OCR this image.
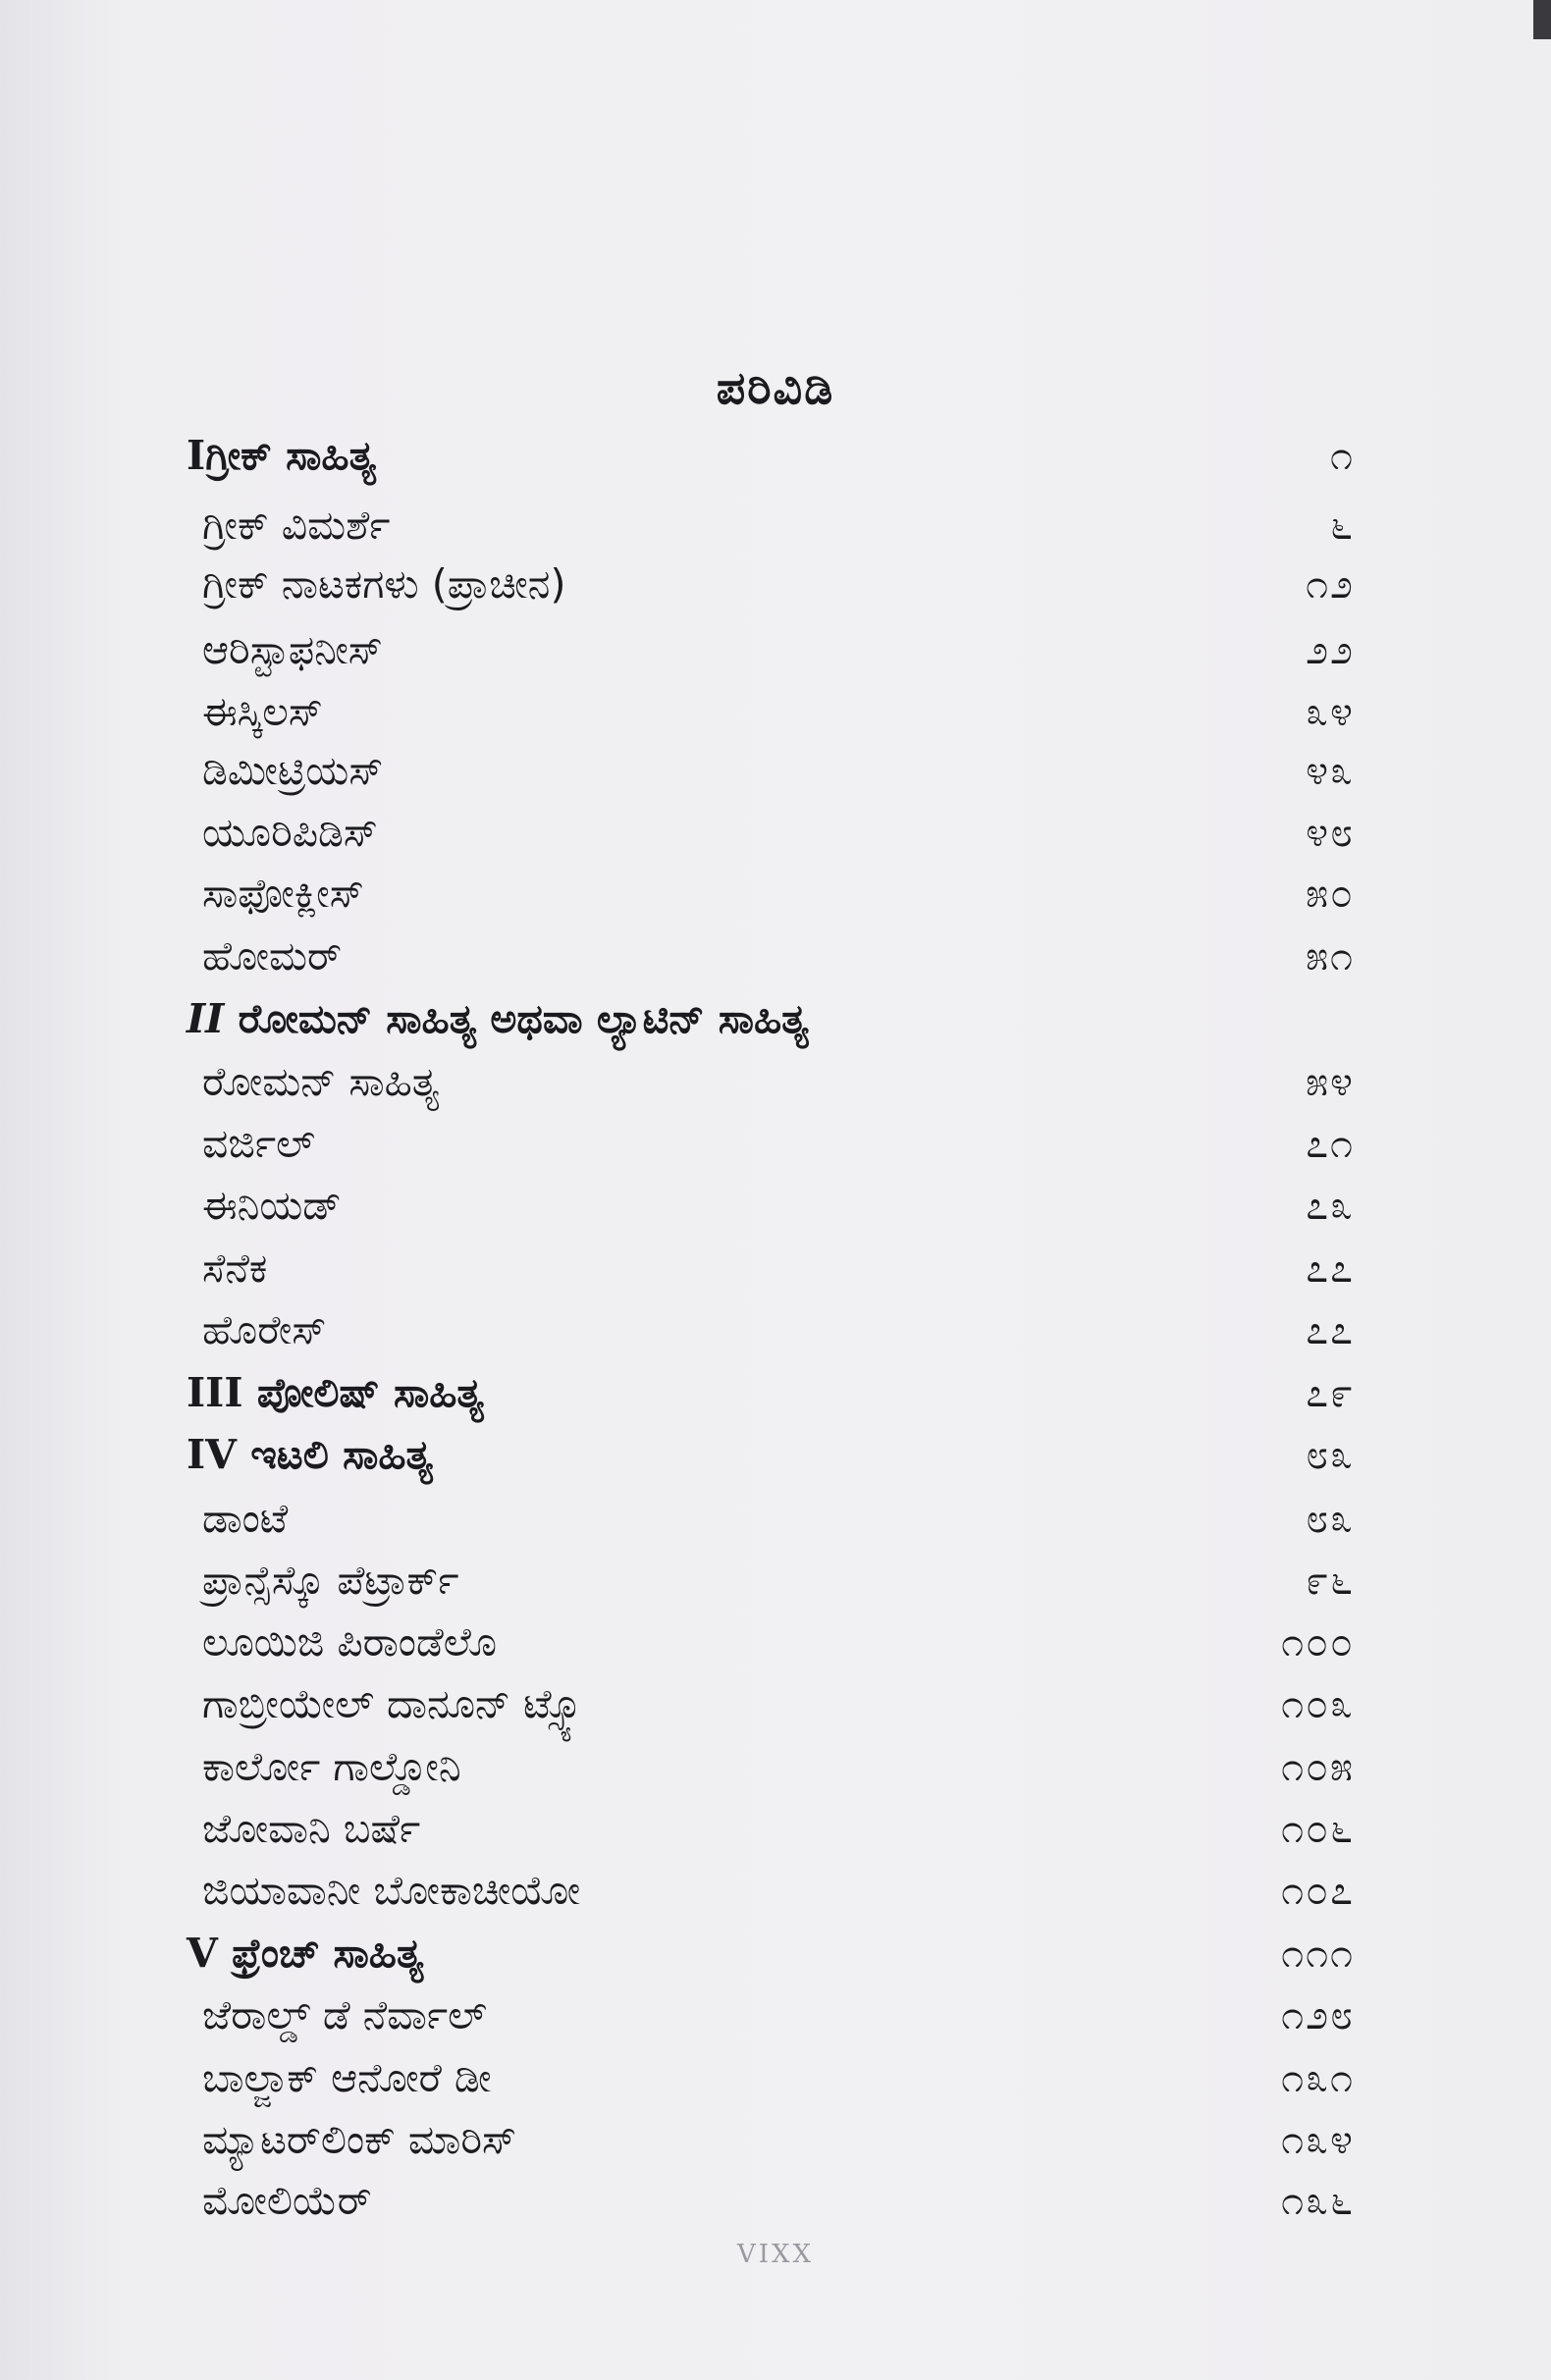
ಪರಿವಿಡಿ
Iಗ್ರೀಕ್ ಸಾಹಿತ್ಯ	೧
ಗ್ರೀಕ್ ವಿಮರ್ಶೆ	೬
ಗ್ರೀಕ್ ನಾಟಕಗಳು (ಪ್ರಾಚೀನ)	೧೨
ಆರಿಸ್ಟಾಫನೀಸ್	೨೨
ಈಸ್ಕಿಲಸ್	೩೪
ಡಿಮೀಟ್ರಿಯಸ್	೪೩
ಯೂರಿಪಿಡಿಸ್	೪೮
ಸಾಫೋಕ್ಲೀಸ್	೫೦
ಹೋಮರ್	೫೧
II ರೋಮನ್ ಸಾಹಿತ್ಯ ಅಥವಾ ಲ್ಯಾಟಿನ್ ಸಾಹಿತ್ಯ
ರೋಮನ್ ಸಾಹಿತ್ಯ	೫೪
ವರ್ಜಿಲ್	೭೧
ಈನಿಯಡ್	೭೩
ಸೆನೆಕ	೭೭
ಹೊರೇಸ್	೭೭
III ಪೋಲಿಷ್ ಸಾಹಿತ್ಯ	೭೯
IV ಇಟಲಿ ಸಾಹಿತ್ಯ	೮೩
ಡಾಂಟೆ	೮೩
ಪ್ರಾನ್ಸೆಸ್ಕೊ ಪೆಟ್ರಾರ್ಕ್	೯೬
ಲೂಯಿಜಿ ಪಿರಾಂಡೆಲೊ	೧೦೦
ಗಾಬ್ರೀಯೇಲ್ ದಾನೂನ್ ಟ್ಸ್ಯೊ	೧೦೩
ಕಾರ್ಲೋ ಗಾಲ್ಡೋನಿ	೧೦೫
ಜೋವಾನಿ ಬರ್ಷೆ	೧೦೬
ಜಿಯಾವಾನೀ ಬೋಕಾಚೀಯೋ	೧೦೭
V ಫ್ರೆಂಚ್ ಸಾಹಿತ್ಯ	೧೧೧
ಜೆರಾಲ್ಡ್ ಡೆ ನೆರ್ವಾಲ್	೧೨೮
ಬಾಲ್ಜಾಕ್ ಆನೋರೆ ಡೀ	೧೩೧
ಮ್ಯಾಟರ್‌ಲಿಂಕ್ ಮಾರಿಸ್	೧೩೪
ಮೋಲಿಯೆರ್	೧೩೬
VIXX
